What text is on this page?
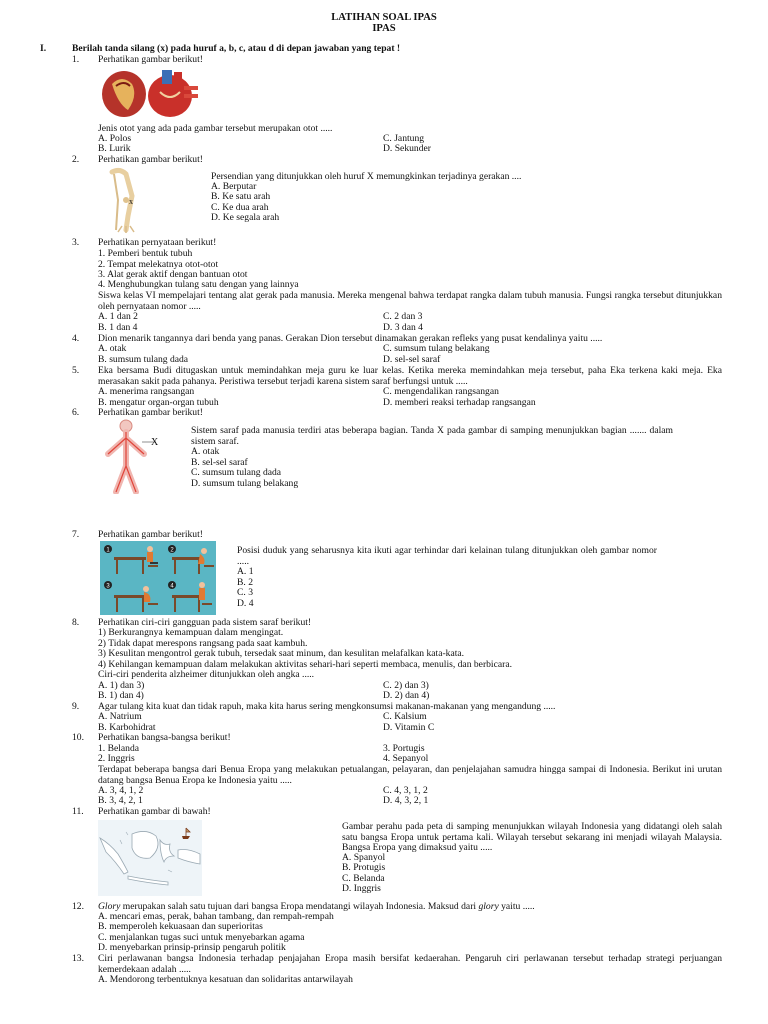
LATIHAN SOAL IPAS
IPAS
I.	Berilah tanda silang (x) pada huruf a, b, c, atau d di depan jawaban yang tepat !
1. Perhatikan gambar berikut!
Jenis otot yang ada pada gambar tersebut merupakan otot .....
A. Polos
B. Lurik
C. Jantung
D. Sekunder
2. Perhatikan gambar berikut!
x
Persendian yang ditunjukkan oleh huruf X memungkinkan terjadinya gerakan ....
A. Berputar
B. Ke satu arah
C. Ke dua arah
D. Ke segala arah
3. Perhatikan pernyataan berikut!
1. Pemberi bentuk tubuh
2. Tempat melekatnya otot-otot
3. Alat gerak aktif dengan bantuan otot
4. Menghubungkan tulang satu dengan yang lainnya
Siswa kelas VI mempelajari tentang alat gerak pada manusia. Mereka mengenal bahwa terdapat rangka dalam tubuh manusia. Fungsi rangka tersebut ditunjukkan oleh pernyataan nomor .....
A. 1 dan 2
B. 1 dan 4
C. 2 dan 3
D. 3 dan 4
4. Dion menarik tangannya dari benda yang panas. Gerakan Dion tersebut dinamakan gerakan refleks yang pusat kendalinya yaitu .....
A. otak
B. sumsum tulang dada
C. sumsum tulang belakang
D. sel-sel saraf
5. Eka bersama Budi ditugaskan untuk memindahkan meja guru ke luar kelas. Ketika mereka memindahkan meja tersebut, paha Eka terkena kaki meja. Eka merasakan sakit pada pahanya. Peristiwa tersebut terjadi karena sistem saraf berfungsi untuk .....
A. menerima rangsangan
B. mengatur organ-organ tubuh
C. mengendalikan rangsangan
D. memberi reaksi terhadap rangsangan
6. Perhatikan gambar berikut!
X
Sistem saraf pada manusia terdiri atas beberapa bagian. Tanda X pada gambar di samping menunjukkan bagian ....... dalam sistem saraf.
A. otak
B. sel-sel saraf
C. sumsum tulang dada
D. sumsum tulang belakang
7. Perhatikan gambar berikut!
1	2
3	4
Posisi duduk yang seharusnya kita ikuti agar terhindar dari kelainan tulang ditunjukkan oleh gambar nomor .....
A. 1
B. 2
C. 3
D. 4
8. Perhatikan ciri-ciri gangguan pada sistem saraf berikut!
1) Berkurangnya kemampuan dalam mengingat.
2) Tidak dapat merespons rangsang pada saat kambuh.
3) Kesulitan mengontrol gerak tubuh, tersedak saat minum, dan kesulitan melafalkan kata-kata.
4) Kehilangan kemampuan dalam melakukan aktivitas sehari-hari seperti membaca, menulis, dan berbicara.
Ciri-ciri penderita alzheimer ditunjukkan oleh angka .....
A. 1) dan 3)
B. 1) dan 4)
C. 2) dan 3)
D. 2) dan 4)
9. Agar tulang kita kuat dan tidak rapuh, maka kita harus sering mengkonsumsi makanan-makanan yang mengandung .....
A. Natrium
B. Karbohidrat
C. Kalsium
D. Vitamin C
10. Perhatikan bangsa-bangsa berikut!
1. Belanda
2. Inggris
3. Portugis
4. Sepanyol
Terdapat beberapa bangsa dari Benua Eropa yang melakukan petualangan, pelayaran, dan penjelajahan samudra hingga sampai di Indonesia. Berikut ini urutan datang bangsa Benua Eropa ke Indonesia yaitu .....
A. 3, 4, 1, 2
B. 3, 4, 2, 1
C. 4, 3, 1, 2
D. 4, 3, 2, 1
11. Perhatikan gambar di bawah!
Gambar perahu pada peta di samping menunjukkan wilayah Indonesia yang didatangi oleh salah satu bangsa Eropa untuk pertama kali. Wilayah tersebut sekarang ini menjadi wilayah Malaysia. Bangsa Eropa yang dimaksud yaitu .....
A. Spanyol
B. Protugis
C. Belanda
D. Inggris
12. Glory merupakan salah satu tujuan dari bangsa Eropa mendatangi wilayah Indonesia. Maksud dari glory yaitu .....
A. mencari emas, perak, bahan tambang, dan rempah-rempah
B. memperoleh kekuasaan dan superioritas
C. menjalankan tugas suci untuk menyebarkan agama
D. menyebarkan prinsip-prinsip pengaruh politik
13. Ciri perlawanan bangsa Indonesia terhadap penjajahan Eropa masih bersifat kedaerahan. Pengaruh ciri perlawanan tersebut terhadap strategi perjuangan kemerdekaan adalah .....
A. Mendorong terbentuknya kesatuan dan solidaritas antarwilayah
